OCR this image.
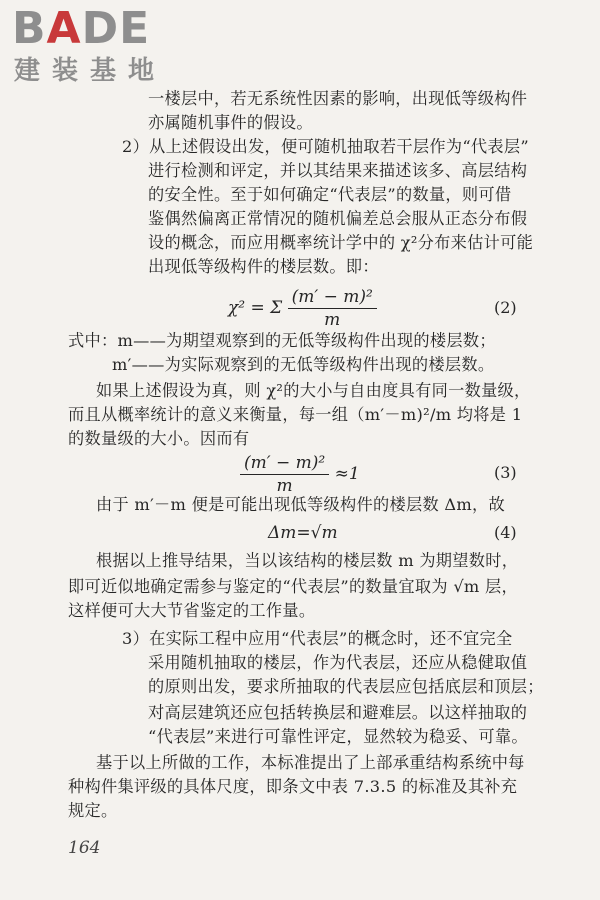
BADE
建装基地
一楼层中，若无系统性因素的影响，出现低等级构件
亦属随机事件的假设。
2）从上述假设出发，便可随机抽取若干层作为“代表层”
进行检测和评定，并以其结果来描述该多、高层结构
的安全性。至于如何确定“代表层”的数量，则可借
鉴偶然偏离正常情况的随机偏差总会服从正态分布假
设的概念，而应用概率统计学中的 χ²分布来估计可能
出现低等级构件的楼层数。即：
χ² = Σ $\frac{\text{(m′ − m)²}}{m}$	(2)
式中：m——为期望观察到的无低等级构件出现的楼层数；
m′——为实际观察到的无低等级构件出现的楼层数。
如果上述假设为真，则 χ²的大小与自由度具有同一数量级，
而且从概率统计的意义来衡量，每一组（m′－m)²/m 均将是 1
的数量级的大小。因而有
$\frac{\text{(m′ − m)²}}{m} \approx 1$	(3)
由于 m′－m 便是可能出现低等级构件的楼层数 Δm，故
Δm=√m	(4)
根据以上推导结果，当以该结构的楼层数 m 为期望数时，
即可近似地确定需参与鉴定的“代表层”的数量宜取为 √m 层，
这样便可大大节省鉴定的工作量。
3）在实际工程中应用“代表层”的概念时，还不宜完全
采用随机抽取的楼层，作为代表层，还应从稳健取值
的原则出发，要求所抽取的代表层应包括底层和顶层；
对高层建筑还应包括转换层和避难层。以这样抽取的
“代表层”来进行可靠性评定，显然较为稳妥、可靠。
基于以上所做的工作，本标准提出了上部承重结构系统中每
种构件集评级的具体尺度，即条文中表 7.3.5 的标准及其补充
规定。
164
